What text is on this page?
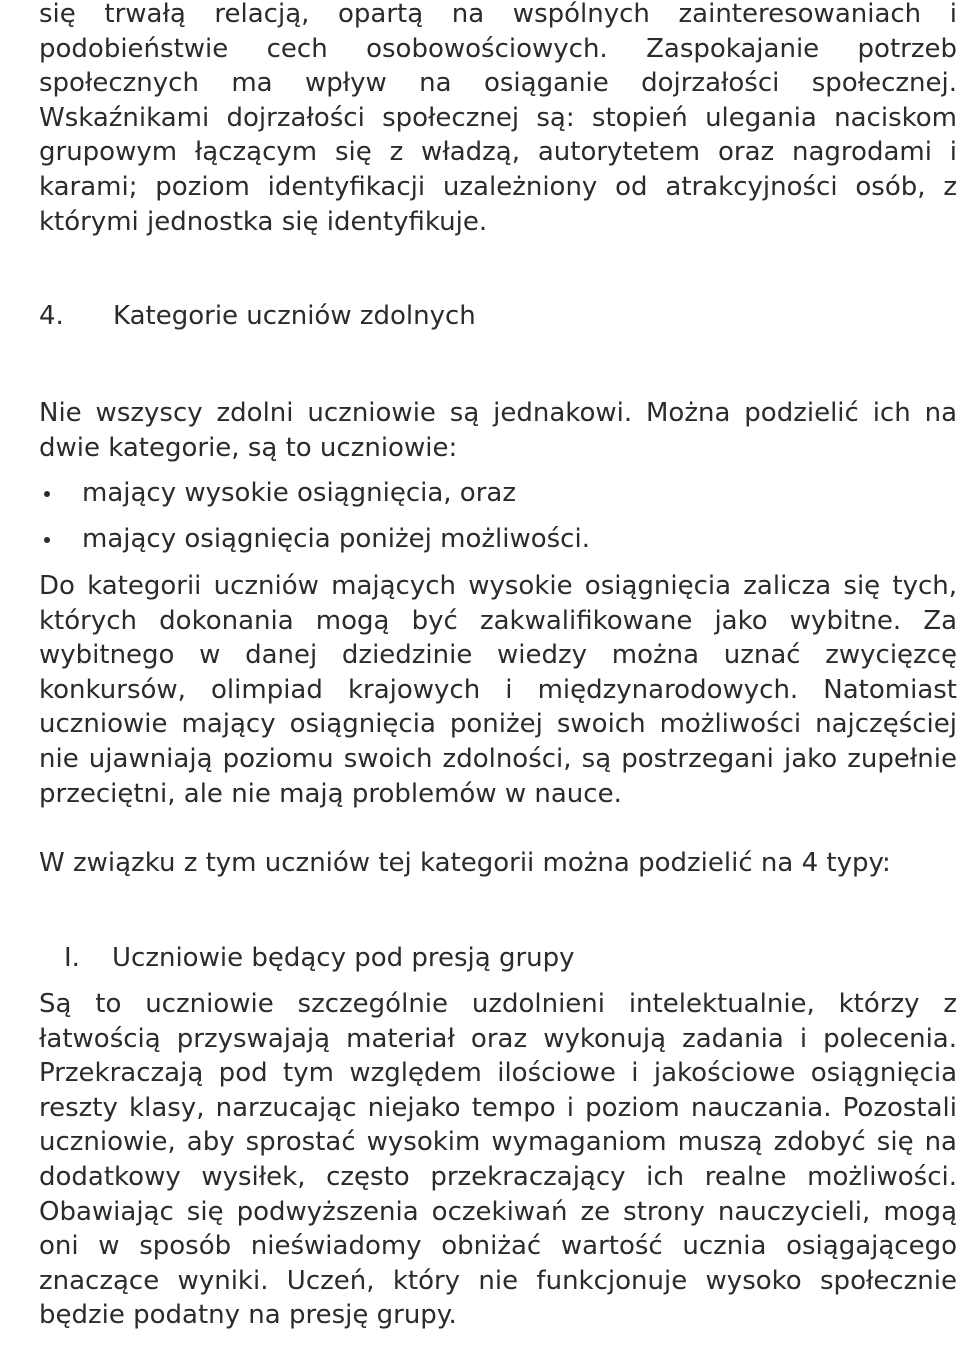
się trwałą relacją, opartą na wspólnych zainteresowaniach i podobieństwie cech osobowościowych. Zaspokajanie potrzeb społecznych ma wpływ na osiąganie dojrzałości społecznej. Wskaźnikami dojrzałości społecznej są: stopień ulegania naciskom grupowym łączącym się z władzą, autorytetem oraz nagrodami i karami; poziom identyfikacji uzależniony od atrakcyjności osób, z którymi jednostka się identyfikuje.

4. Kategorie uczniów zdolnych

Nie wszyscy zdolni uczniowie są jednakowi. Można podzielić ich na dwie kategorie, są to uczniowie:

mający wysokie osiągnięcia, oraz
mający osiągnięcia poniżej możliwości.

Do kategorii uczniów mających wysokie osiągnięcia zalicza się tych, których dokonania mogą być zakwalifikowane jako wybitne. Za wybitnego w danej dziedzinie wiedzy można uznać zwycięzcę konkursów, olimpiad krajowych i międzynarodowych. Natomiast uczniowie mający osiągnięcia poniżej swoich możliwości najczęściej nie ujawniają poziomu swoich zdolności, są postrzegani jako zupełnie przeciętni, ale nie mają problemów w nauce.

W związku z tym uczniów tej kategorii można podzielić na 4 typy:

I. Uczniowie będący pod presją grupy

Są to uczniowie szczególnie uzdolnieni intelektualnie, którzy z łatwością przyswajają materiał oraz wykonują zadania i polecenia. Przekraczają pod tym względem ilościowe i jakościowe osiągnięcia reszty klasy, narzucając niejako tempo i poziom nauczania. Pozostali uczniowie, aby sprostać wysokim wymaganiom muszą zdobyć się na dodatkowy wysiłek, często przekraczający ich realne możliwości. Obawiając się podwyższenia oczekiwań ze strony nauczycieli, mogą oni w sposób nieświadomy obniżać wartość ucznia osiągającego znaczące wyniki. Uczeń, który nie funkcjonuje wysoko społecznie będzie podatny na presję grupy.
